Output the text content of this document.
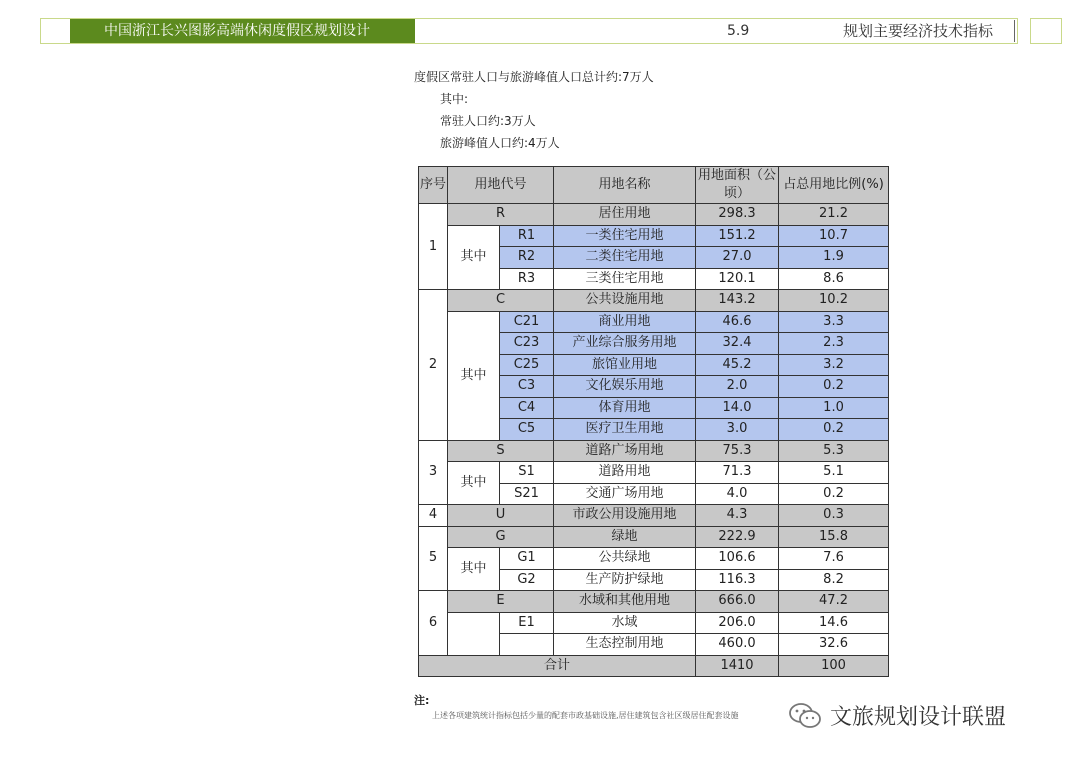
中国浙江长兴图影高端休闲度假区规划设计	5.9	规划主要经济技术指标
度假区常驻人口与旅游峰值人口总计约:7万人
其中:
常驻人口约:3万人
旅游峰值人口约:4万人
序号	用地代号		用地名称	用地面积（公顷）	占总用地比例(%)
1	R		居住用地	298.3	21.2
	其中	R1	一类住宅用地	151.2	10.7
		R2	二类住宅用地	27.0	1.9
		R3	三类住宅用地	120.1	8.6
2	C		公共设施用地	143.2	10.2
	其中	C21	商业用地	46.6	3.3
		C23	产业综合服务用地	32.4	2.3
		C25	旅馆业用地	45.2	3.2
		C3	文化娱乐用地	2.0	0.2
		C4	体育用地	14.0	1.0
		C5	医疗卫生用地	3.0	0.2
3	S		道路广场用地	75.3	5.3
	其中	S1	道路用地	71.3	5.1
		S21	交通广场用地	4.0	0.2
4	U		市政公用设施用地	4.3	0.3
5	G		绿地	222.9	15.8
	其中	G1	公共绿地	106.6	7.6
		G2	生产防护绿地	116.3	8.2
6	E		水域和其他用地	666.0	47.2
		E1	水域	206.0	14.6
			生态控制用地	460.0	32.6
合计				1410	100
注:
上述各项建筑统计指标包括少量的配套市政基础设施,居住建筑包含社区级居住配套设施	文旅规划设计联盟
